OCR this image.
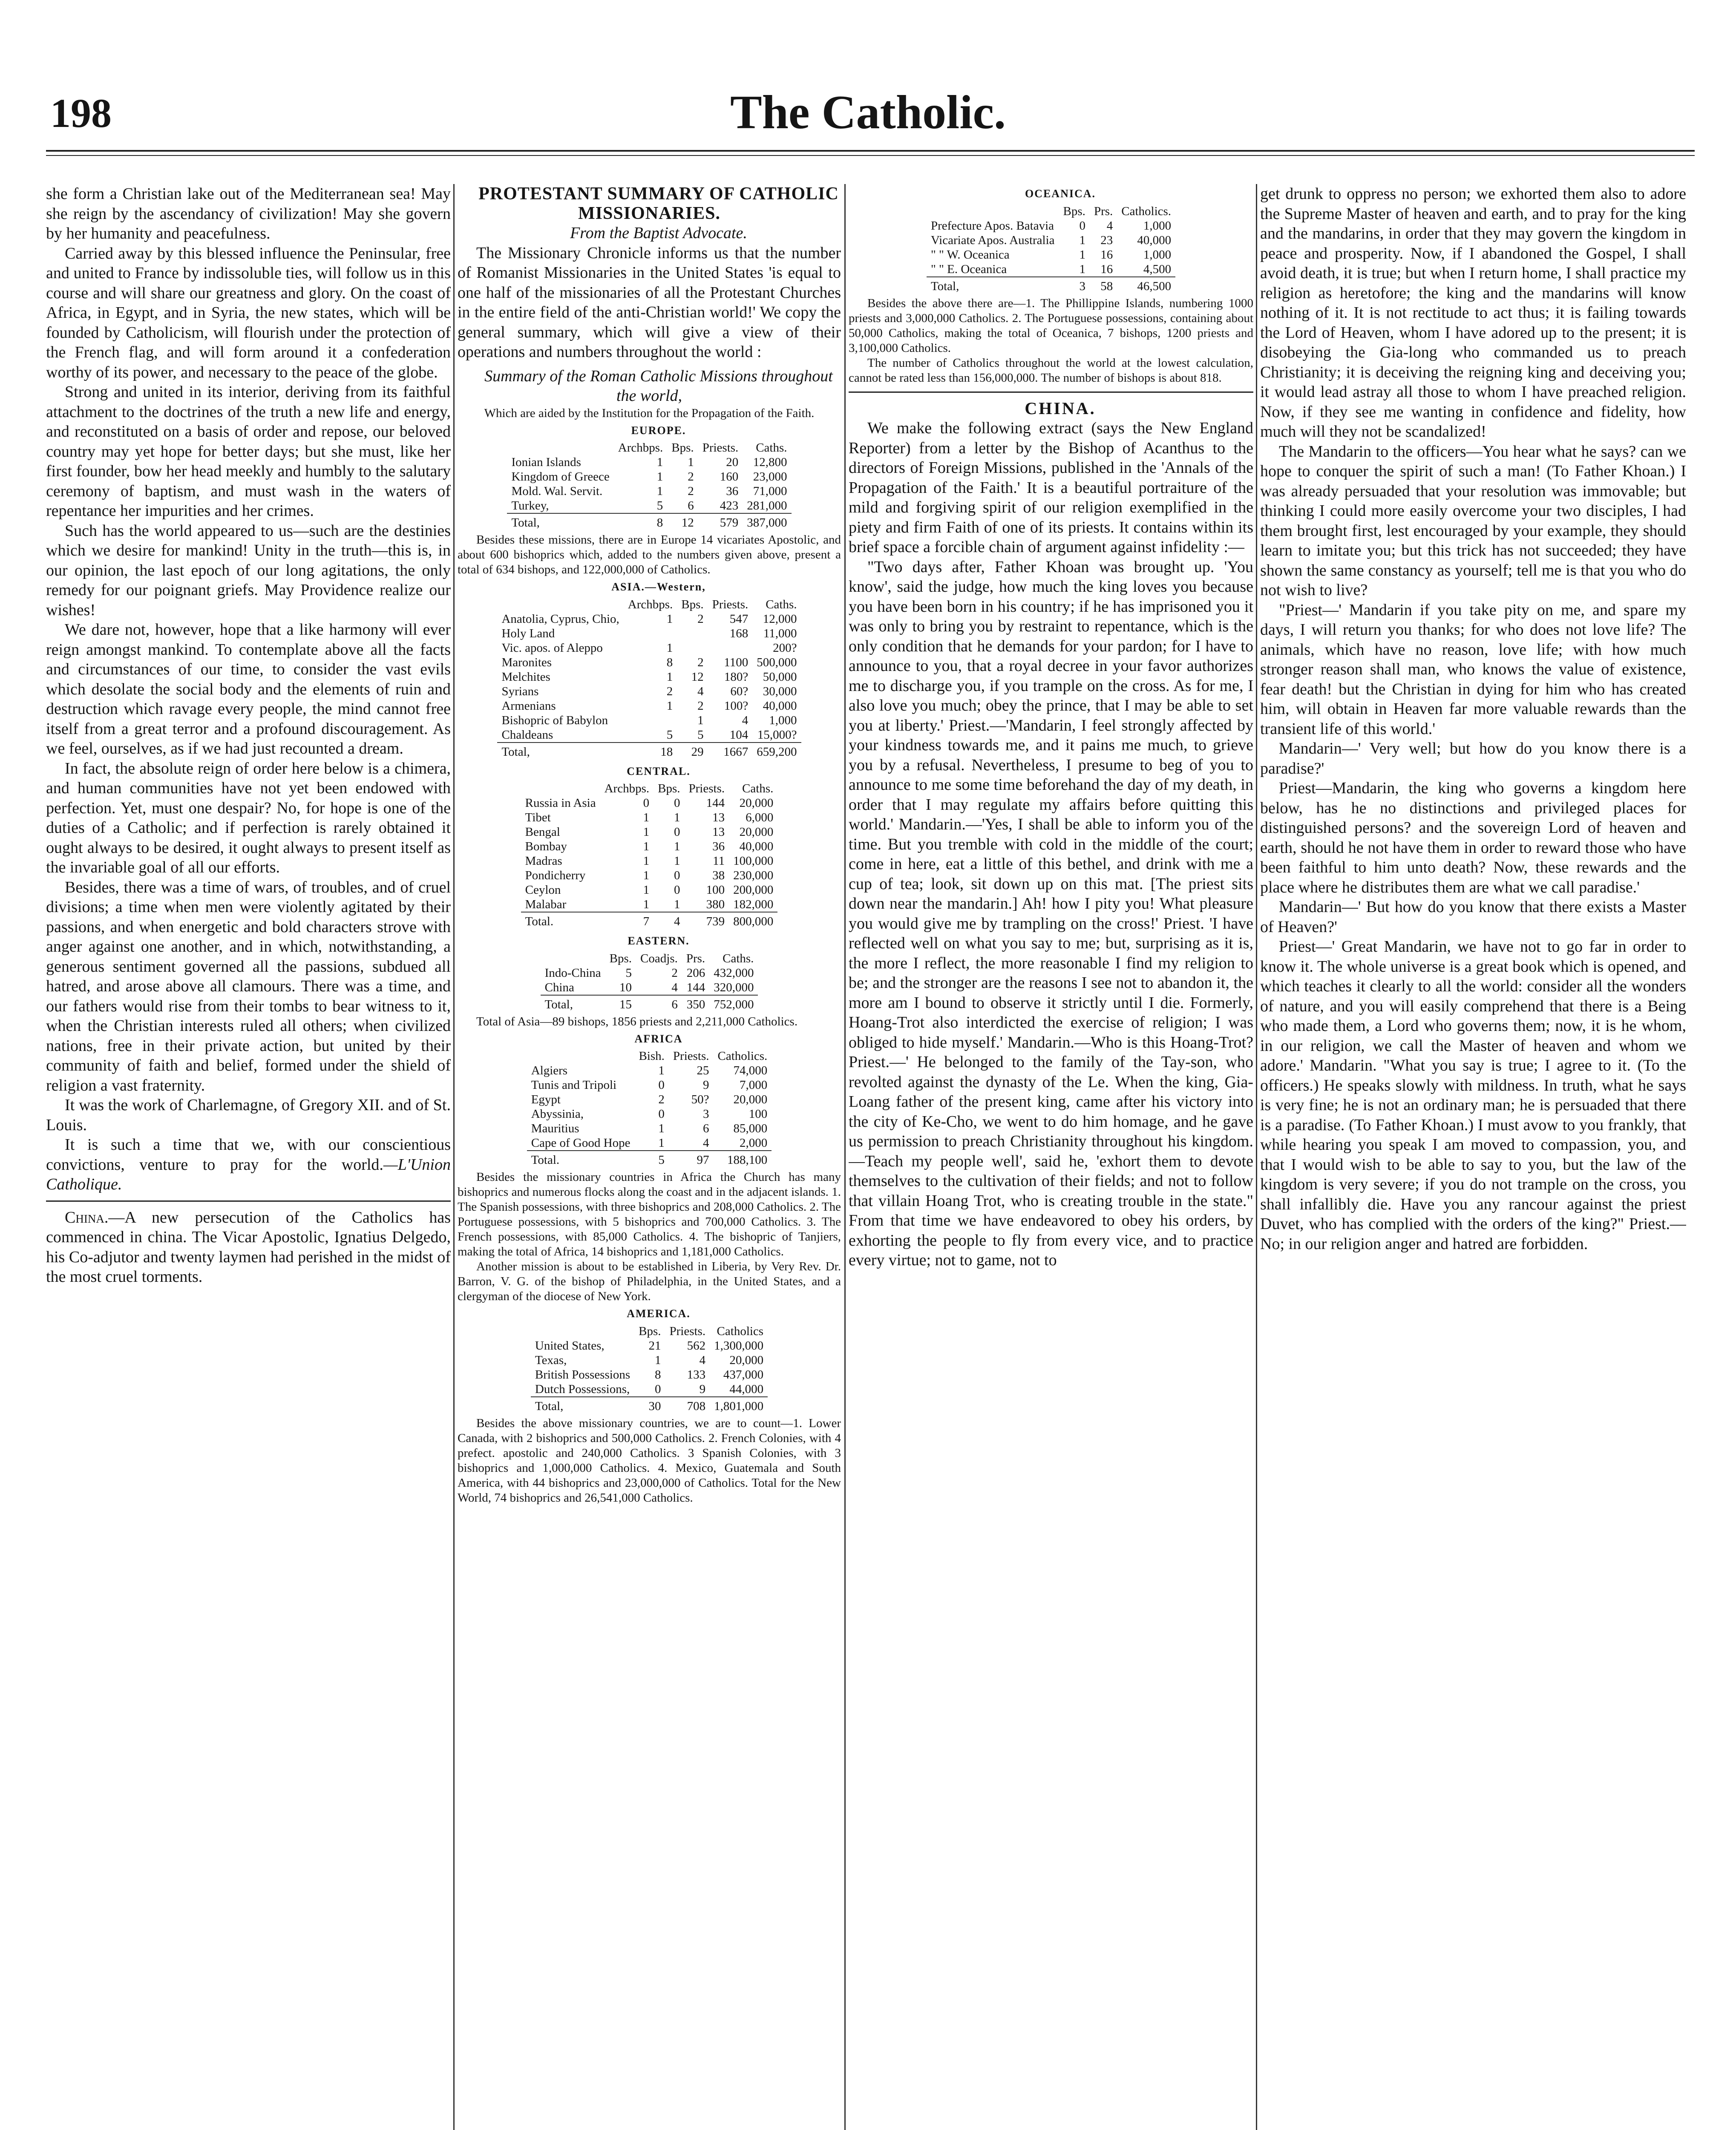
198	The Catholic.

she form a Christian lake out of the Mediterranean sea! May she reign by the ascendancy of civilization! May she govern by her humanity and peacefulness.

Carried away by this blessed influence the Peninsular, free and united to France by indissoluble ties, will follow us in this course and will share our greatness and glory. On the coast of Africa, in Egypt, and in Syria, the new states, which will be founded by Catholicism, will flourish under the protection of the French flag, and will form around it a confederation worthy of its power, and necessary to the peace of the globe.

Strong and united in its interior, deriving from its faithful attachment to the doctrines of the truth a new life and energy, and reconstituted on a basis of order and repose, our beloved country may yet hope for better days; but she must, like her first founder, bow her head meekly and humbly to the salutary ceremony of baptism, and must wash in the waters of repentance her impurities and her crimes.

Such has the world appeared to us—such are the destinies which we desire for mankind! Unity in the truth—this is, in our opinion, the last epoch of our long agitations, the only remedy for our poignant griefs. May Providence realize our wishes!

We dare not, however, hope that a like harmony will ever reign amongst mankind. To contemplate above all the facts and circumstances of our time, to consider the vast evils which desolate the social body and the elements of ruin and destruction which ravage every people, the mind cannot free itself from a great terror and a profound discouragement. As we feel, ourselves, as if we had just recounted a dream.

In fact, the absolute reign of order here below is a chimera, and human communities have not yet been endowed with perfection. Yet, must one despair? No, for hope is one of the duties of a Catholic; and if perfection is rarely obtained it ought always to be desired, it ought always to present itself as the invariable goal of all our efforts.

Besides, there was a time of wars, of troubles, and of cruel divisions; a time when men were violently agitated by their passions, and when energetic and bold characters strove with anger against one another, and in which, notwithstanding, a generous sentiment governed all the passions, subdued all hatred, and arose above all clamours. There was a time, and our fathers would rise from their tombs to bear witness to it, when the Christian interests ruled all others; when civilized nations, free in their private action, but united by their community of faith and belief, formed under the shield of religion a vast fraternity.

It was the work of Charlemagne, of Gregory XII. and of St. Louis.

It is such a time that we, with our conscientious convictions, venture to pray for the world.—L'Union Catholique.

China.—A new persecution of the Catholics has commenced in china. The Vicar Apostolic, Ignatius Delgedo, his Co-adjutor and twenty laymen had perished in the midst of the most cruel torments.

PROTESTANT SUMMARY OF CATHOLIC MISSIONARIES.

From the Baptist Advocate.

The Missionary Chronicle informs us that the number of Romanist Missionaries in the United States 'is equal to one half of the missionaries of all the Protestant Churches in the entire field of the anti-Christian world!' We copy the general summary, which will give a view of their operations and numbers throughout the world :

Summary of the Roman Catholic Missions throughout the world,

Which are aided by the Institution for the Propagation of the Faith.

EUROPE.

	Archbps.	Bps.	Priests.	Caths.
Ionian Islands	1	1	20	12,800
Kingdom of Greece	1	2	160	23,000
Mold. Wal. Servit.	1	2	36	71,000
Turkey,	5	6	423	281,000
Total,	8	12	579	387,000

Besides these missions, there are in Europe 14 vicariates Apostolic, and about 600 bishoprics which, added to the numbers given above, present a total of 634 bishops, and 122,000,000 of Catholics.

ASIA.—Western,

	Archbps.	Bps.	Priests.	Caths.
Anatolia, Cyprus, Chio,	1	2	547	12,000
Holy Land			168	11,000
Vic. apos. of Aleppo	1			200?
Maronites	8	2	1100	500,000
Melchites	1	12	180?	50,000
Syrians	2	4	60?	30,000
Armenians	1	2	100?	40,000
Bishopric of Babylon		1	4	1,000
Chaldeans	5	5	104	15,000?
Total,	18	29	1667	659,200

CENTRAL.

	Archbps.	Bps.	Priests.	Caths.
Russia in Asia	0	0	144	20,000
Tibet	1	1	13	6,000
Bengal	1	0	13	20,000
Bombay	1	1	36	40,000
Madras	1	1	11	100,000
Pondicherry	1	0	38	230,000
Ceylon	1	0	100	200,000
Malabar	1	1	380	182,000
Total.	7	4	739	800,000

EASTERN.

	Bps.	Coadjs.	Prs.	Caths.
Indo-China	5	2	206	432,000
China	10	4	144	320,000
Total,	15	6	350	752,000

Total of Asia—89 bishops, 1856 priests and 2,211,000 Catholics.

AFRICA

	Bish.	Priests.	Catholics.
Algiers	1	25	74,000
Tunis and Tripoli	0	9	7,000
Egypt	2	50?	20,000
Abyssinia,	0	3	100
Mauritius	1	6	85,000
Cape of Good Hope	1	4	2,000
Total.	5	97	188,100

Besides the missionary countries in Africa the Church has many bishoprics and numerous flocks along the coast and in the adjacent islands. 1. The Spanish possessions, with three bishoprics and 208,000 Catholics. 2. The Portuguese possessions, with 5 bishoprics and 700,000 Catholics. 3. The French possessions, with 85,000 Catholics. 4. The bishopric of Tanjiers, making the total of Africa, 14 bishoprics and 1,181,000 Catholics.

Another mission is about to be established in Liberia, by Very Rev. Dr. Barron, V. G. of the bishop of Philadelphia, in the United States, and a clergyman of the diocese of New York.

AMERICA.

	Bps.	Priests.	Catholics
United States,	21	562	1,300,000
Texas,	1	4	20,000
British Possessions	8	133	437,000
Dutch Possessions,	0	9	44,000
Total,	30	708	1,801,000

Besides the above missionary countries, we are to count—1. Lower Canada, with 2 bishoprics and 500,000 Catholics. 2. French Colonies, with 4 prefect. apostolic and 240,000 Catholics. 3 Spanish Colonies, with 3 bishoprics and 1,000,000 Catholics. 4. Mexico, Guatemala and South America, with 44 bishoprics and 23,000,000 of Catholics. Total for the New World, 74 bishoprics and 26,541,000 Catholics.

OCEANICA.

	Bps.	Prs.	Catholics.
Prefecture Apos. Batavia	0	4	1,000
Vicariate Apos. Australia	1	23	40,000
" " W. Oceanica	1	16	1,000
" " E. Oceanica	1	16	4,500
Total,	3	58	46,500

Besides the above there are—1. The Phillippine Islands, numbering 1000 priests and 3,000,000 Catholics. 2. The Portuguese possessions, containing about 50,000 Catholics, making the total of Oceanica, 7 bishops, 1200 priests and 3,100,000 Catholics.

The number of Catholics throughout the world at the lowest calculation, cannot be rated less than 156,000,000. The number of bishops is about 818.

CHINA.

We make the following extract (says the New England Reporter) from a letter by the Bishop of Acanthus to the directors of Foreign Missions, published in the 'Annals of the Propagation of the Faith.' It is a beautiful portraiture of the mild and forgiving spirit of our religion exemplified in the piety and firm Faith of one of its priests. It contains within its brief space a forcible chain of argument against infidelity :—

"Two days after, Father Khoan was brought up. 'You know', said the judge, how much the king loves you because you have been born in his country; if he has imprisoned you it was only to bring you by restraint to repentance, which is the only condition that he demands for your pardon; for I have to announce to you, that a royal decree in your favor authorizes me to discharge you, if you trample on the cross. As for me, I also love you much; obey the prince, that I may be able to set you at liberty.' Priest.—'Mandarin, I feel strongly affected by your kindness towards me, and it pains me much, to grieve you by a refusal. Nevertheless, I presume to beg of you to announce to me some time beforehand the day of my death, in order that I may regulate my affairs before quitting this world.' Mandarin.—'Yes, I shall be able to inform you of the time. But you tremble with cold in the middle of the court; come in here, eat a little of this bethel, and drink with me a cup of tea; look, sit down up on this mat. [The priest sits down near the mandarin.] Ah! how I pity you! What pleasure you would give me by trampling on the cross!' Priest. 'I have reflected well on what you say to me; but, surprising as it is, the more I reflect, the more reasonable I find my religion to be; and the stronger are the reasons I see not to abandon it, the more am I bound to observe it strictly until I die. Formerly, Hoang-Trot also interdicted the exercise of religion; I was obliged to hide myself.' Mandarin.—Who is this Hoang-Trot? Priest.—' He belonged to the family of the Tay-son, who revolted against the dynasty of the Le. When the king, Gia-Loang father of the present king, came after his victory into the city of Ke-Cho, we went to do him homage, and he gave us permission to preach Christianity throughout his kingdom.—Teach my people well', said he, 'exhort them to devote themselves to the cultivation of their fields; and not to follow that villain Hoang Trot, who is creating trouble in the state." From that time we have endeavored to obey his orders, by exhorting the people to fly from every vice, and to practice every virtue; not to game, not to

get drunk to oppress no person; we exhorted them also to adore the Supreme Master of heaven and earth, and to pray for the king and the mandarins, in order that they may govern the kingdom in peace and prosperity. Now, if I abandoned the Gospel, I shall avoid death, it is true; but when I return home, I shall practice my religion as heretofore; the king and the mandarins will know nothing of it. It is not rectitude to act thus; it is failing towards the Lord of Heaven, whom I have adored up to the present; it is disobeying the Gia-long who commanded us to preach Christianity; it is deceiving the reigning king and deceiving you; it would lead astray all those to whom I have preached religion. Now, if they see me wanting in confidence and fidelity, how much will they not be scandalized!

The Mandarin to the officers—You hear what he says? can we hope to conquer the spirit of such a man! (To Father Khoan.) I was already persuaded that your resolution was immovable; but thinking I could more easily overcome your two disciples, I had them brought first, lest encouraged by your example, they should learn to imitate you; but this trick has not succeeded; they have shown the same constancy as yourself; tell me is that you who do not wish to live?

"Priest—' Mandarin if you take pity on me, and spare my days, I will return you thanks; for who does not love life? The animals, which have no reason, love life; with how much stronger reason shall man, who knows the value of existence, fear death! but the Christian in dying for him who has created him, will obtain in Heaven far more valuable rewards than the transient life of this world.'

Mandarin—' Very well; but how do you know there is a paradise?'

Priest—Mandarin, the king who governs a kingdom here below, has he no distinctions and privileged places for distinguished persons? and the sovereign Lord of heaven and earth, should he not have them in order to reward those who have been faithful to him unto death? Now, these rewards and the place where he distributes them are what we call paradise.'

Mandarin—' But how do you know that there exists a Master of Heaven?'

Priest—' Great Mandarin, we have not to go far in order to know it. The whole universe is a great book which is opened, and which teaches it clearly to all the world: consider all the wonders of nature, and you will easily comprehend that there is a Being who made them, a Lord who governs them; now, it is he whom, in our religion, we call the Master of heaven and whom we adore.' Mandarin. "What you say is true; I agree to it. (To the officers.) He speaks slowly with mildness. In truth, what he says is very fine; he is not an ordinary man; he is persuaded that there is a paradise. (To Father Khoan.) I must avow to you frankly, that while hearing you speak I am moved to compassion, you, and that I would wish to be able to say to you, but the law of the kingdom is very severe; if you do not trample on the cross, you shall infallibly die. Have you any rancour against the priest Duvet, who has complied with the orders of the king?" Priest.—No; in our religion anger and hatred are forbidden.
